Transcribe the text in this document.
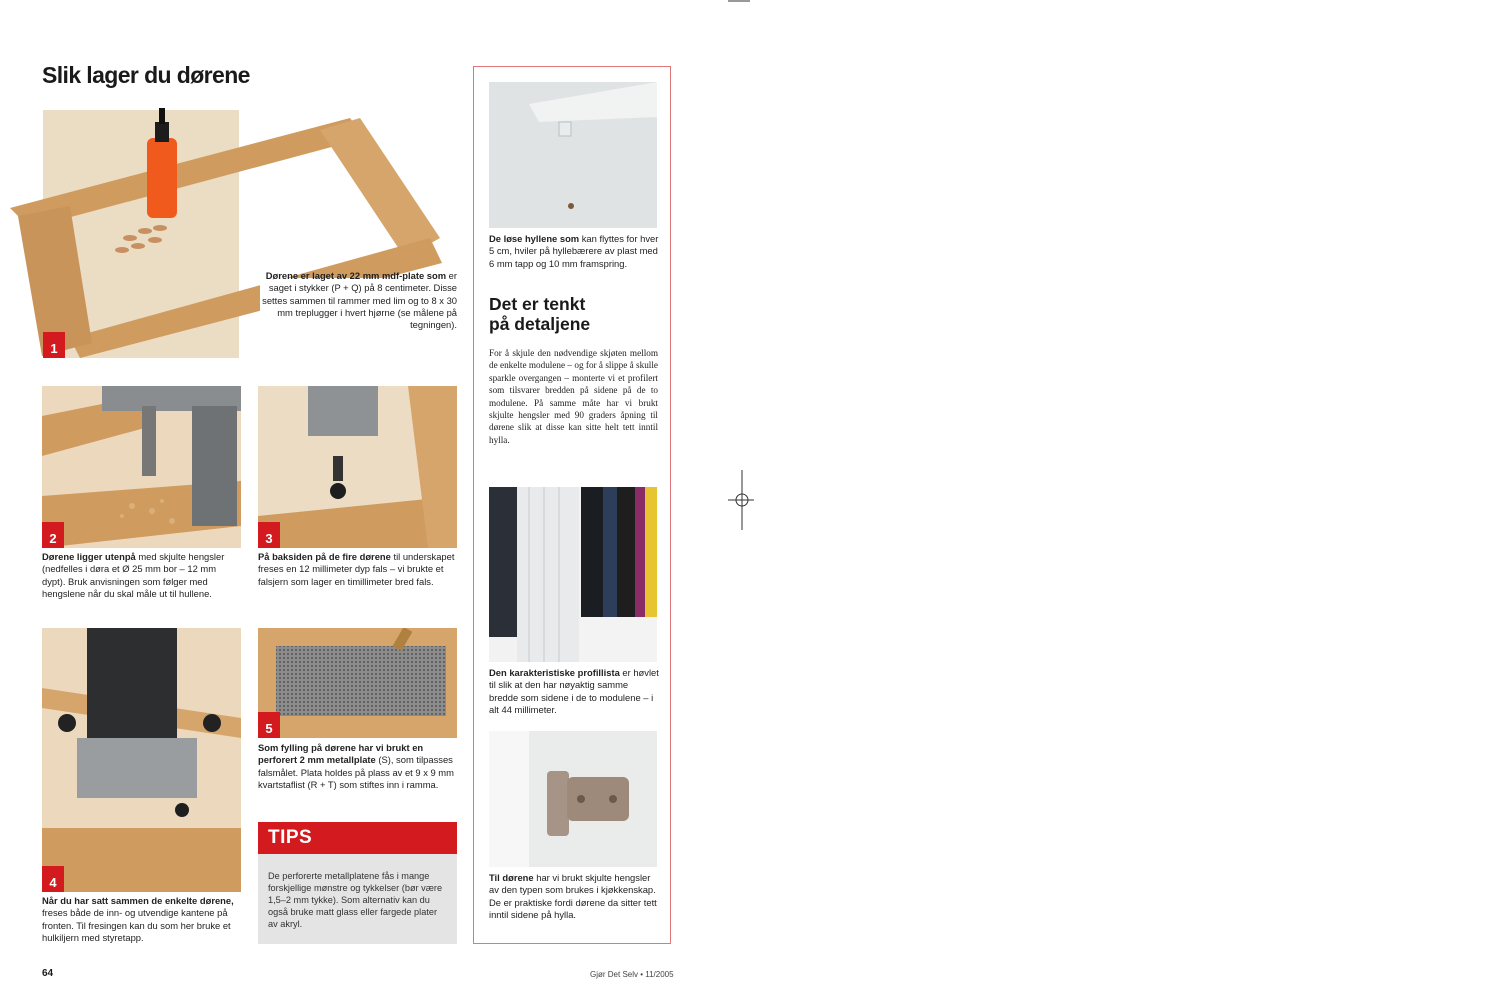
Slik lager du dørene
1
Dørene er laget av 22 mm mdf-plate som er saget i stykker (P + Q) på 8 centimeter. Disse settes sammen til rammer med lim og to 8 x 30 mm treplugger i hvert hjørne (se målene på tegningen).
2
Dørene ligger utenpå med skjulte hengsler (nedfelles i døra et Ø 25 mm bor – 12 mm dypt). Bruk anvisningen som følger med hengslene når du skal måle ut til hullene.
3
På baksiden på de fire dørene til underskapet freses en 12 millimeter dyp fals – vi brukte et falsjern som lager en timillimeter bred fals.
4
Når du har satt sammen de enkelte dørene, freses både de inn- og utvendige kantene på fronten. Til fresingen kan du som her bruke et hulkiljern med styretapp.
5
Som fylling på dørene har vi brukt en perforert 2 mm metallplate (S), som tilpasses falsmålet. Plata holdes på plass av et 9 x 9 mm kvartstaflist (R + T) som stiftes inn i ramma.
TIPS
De perforerte metallplatene fås i mange forskjellige mønstre og tykkelser (bør være 1,5–2 mm tykke). Som alternativ kan du også bruke matt glass eller fargede plater av akryl.
De løse hyllene som kan flyttes for hver 5 cm, hviler på hyllebærere av plast med 6 mm tapp og 10 mm framspring.
Det er tenkt
på detaljene
For å skjule den nødvendige skjøten mellom de enkelte modulene – og for å slippe å skulle sparkle overgangen – monterte vi et profilert som tilsvarer bredden på sidene på de to modulene. På samme måte har vi brukt skjulte hengsler med 90 graders åpning til dørene slik at disse kan sitte helt tett inntil hylla.
Den karakteristiske profillista er høvlet til slik at den har nøyaktig samme bredde som sidene i de to modulene – i alt 44 millimeter.
Til dørene har vi brukt skjulte hengsler av den typen som brukes i kjøkkenskap. De er praktiske fordi dørene da sitter tett inntil sidene på hylla.
64	Gjør Det Selv • 11/2005
